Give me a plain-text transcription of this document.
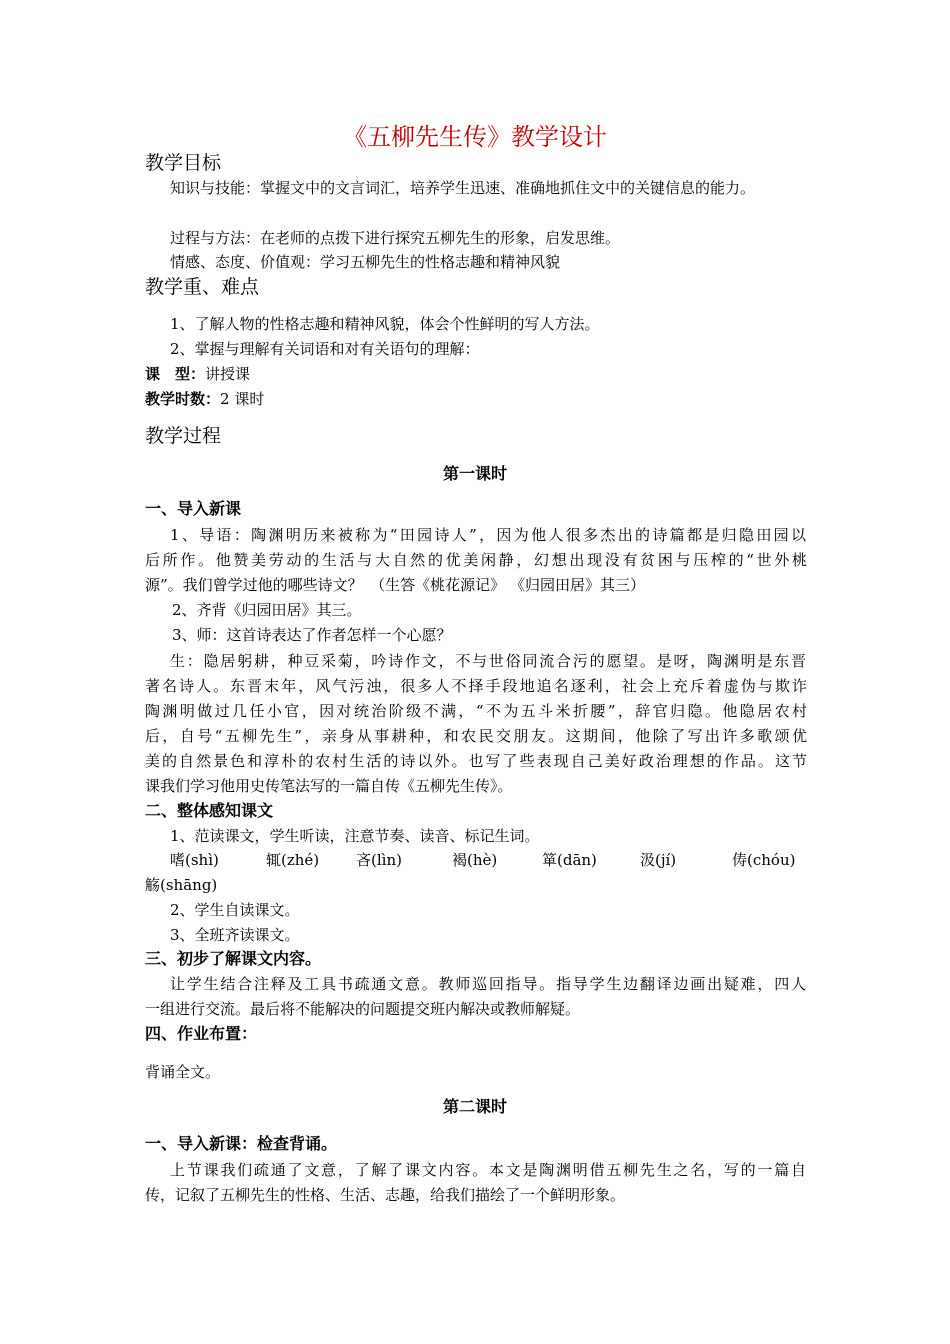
《五柳先生传》教学设计
教学目标
知识与技能：掌握文中的文言词汇，培养学生迅速、准确地抓住文中的关键信息的能力。
过程与方法：在老师的点拨下进行探究五柳先生的形象，启发思维。
情感、态度、价值观：学习五柳先生的性格志趣和精神风貌
教学重、难点
1、了解人物的性格志趣和精神风貌，体会个性鲜明的写人方法。
2、掌握与理解有关词语和对有关语句的理解：
课　型：讲授课
教学时数：2 课时
教学过程
第一课时
一、导入新课
1、导语：陶渊明历来被称为“田园诗人”，因为他人很多杰出的诗篇都是归隐田园以
后所作。他赞美劳动的生活与大自然的优美闲静，幻想出现没有贫困与压榨的“世外桃
源”。我们曾学过他的哪些诗文？　（生答《桃花源记》 《归园田居》其三）
2、齐背《归园田居》其三。
3、师：这首诗表达了作者怎样一个心愿？
生：隐居躬耕，种豆采菊，吟诗作文，不与世俗同流合污的愿望。是呀，陶渊明是东晋
著名诗人。东晋末年，风气污浊，很多人不择手段地追名逐利，社会上充斥着虚伪与欺诈
陶渊明做过几任小官，因对统治阶级不满，“不为五斗米折腰”，辞官归隐。他隐居农村
后，自号“五柳先生”，亲身从事耕种，和农民交朋友。这期间，他除了写出许多歌颂优
美的自然景色和淳朴的农村生活的诗以外。也写了些表现自己美好政治理想的作品。这节
课我们学习他用史传笔法写的一篇自传《五柳先生传》。
二、整体感知课文
1、范读课文，学生听读，注意节奏、读音、标记生词。
嗜(shì)	辄(zhé) 吝(lìn)	褐(hè)	箪(dān)	汲(jí)	俦(chóu)
觞(shāng)
2、学生自读课文。
3、全班齐读课文。
三、初步了解课文内容。
让学生结合注释及工具书疏通文意。教师巡回指导。指导学生边翻译边画出疑难，四人
一组进行交流。最后将不能解决的问题提交班内解决或教师解疑。
四、作业布置：
背诵全文。
第二课时
一、导入新课：检查背诵。
上节课我们疏通了文意，了解了课文内容。本文是陶渊明借五柳先生之名，写的一篇自
传，记叙了五柳先生的性格、生活、志趣，给我们描绘了一个鲜明形象。
